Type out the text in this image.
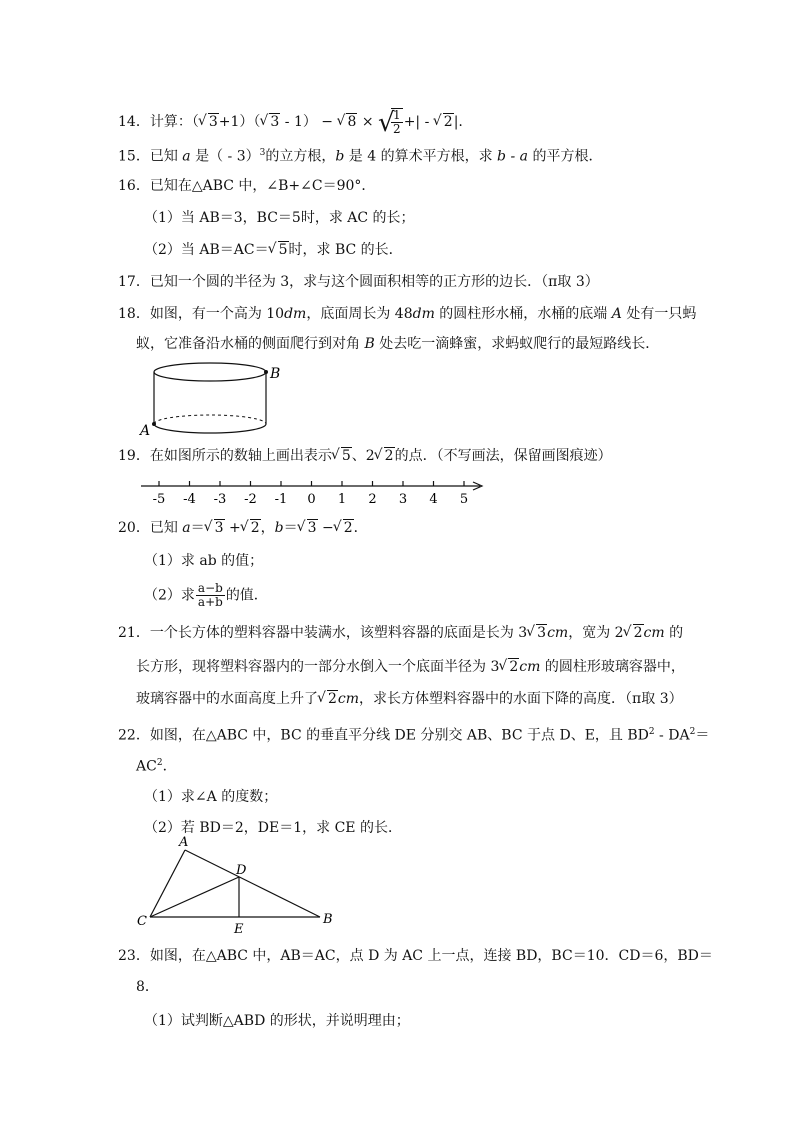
14．计算：（ √ 3+1）（ √ 3 - 1） − √ 8 × √ $\frac{1}{2}$ +| - √ 2|.
15．已知 a 是（ - 3）$^3$的立方根，b 是 4 的算术平方根，求 b - a 的平方根．
16．已知在△ABC 中，∠B+∠C＝90°．
（1）当 AB＝3，BC＝5时，求 AC 的长；
（2）当 AB＝AC＝ √ 5时，求 BC 的长．
17．已知一个圆的半径为 3，求与这个圆面积相等的正方形的边长．（π取 3）
18．如图，有一个高为 10dm，底面周长为 48dm 的圆柱形水桶，水桶的底端 A 处有一只蚂
蚁，它准备沿水桶的侧面爬行到对角 B 处去吃一滴蜂蜜，求蚂蚁爬行的最短路线长．
B
A
19．在如图所示的数轴上画出表示 √ 5、2 √ 2的点．（不写画法，保留画图痕迹）
-5 -4 -3 -2 -1 0 1 2 3 4 5
20．已知 a＝ √ 3 + √ 2，b＝ √ 3 − √ 2．
（1）求 ab 的值；
（2）求 $\frac{a-b}{a+b}$ 的值．
21．一个长方体的塑料容器中装满水，该塑料容器的底面是长为 3 √ 3cm，宽为 2 √ 2cm 的
长方形，现将塑料容器内的一部分水倒入一个底面半径为 3 √ 2cm 的圆柱形玻璃容器中，
玻璃容器中的水面高度上升了 √ 2cm，求长方体塑料容器中的水面下降的高度．（π取 3）
22．如图，在△ABC 中，BC 的垂直平分线 DE 分别交 AB、BC 于点 D、E，且 $BD^2 - DA^2=$
$AC^2$．
（1）求∠A 的度数；
（2）若 BD＝2，DE＝1，求 CE 的长．
A
D
C	B
E
23．如图，在△ABC 中，AB＝AC，点 D 为 AC 上一点，连接 BD，BC＝10．CD＝6，BD＝
8．
（1）试判断△ABD 的形状，并说明理由；
